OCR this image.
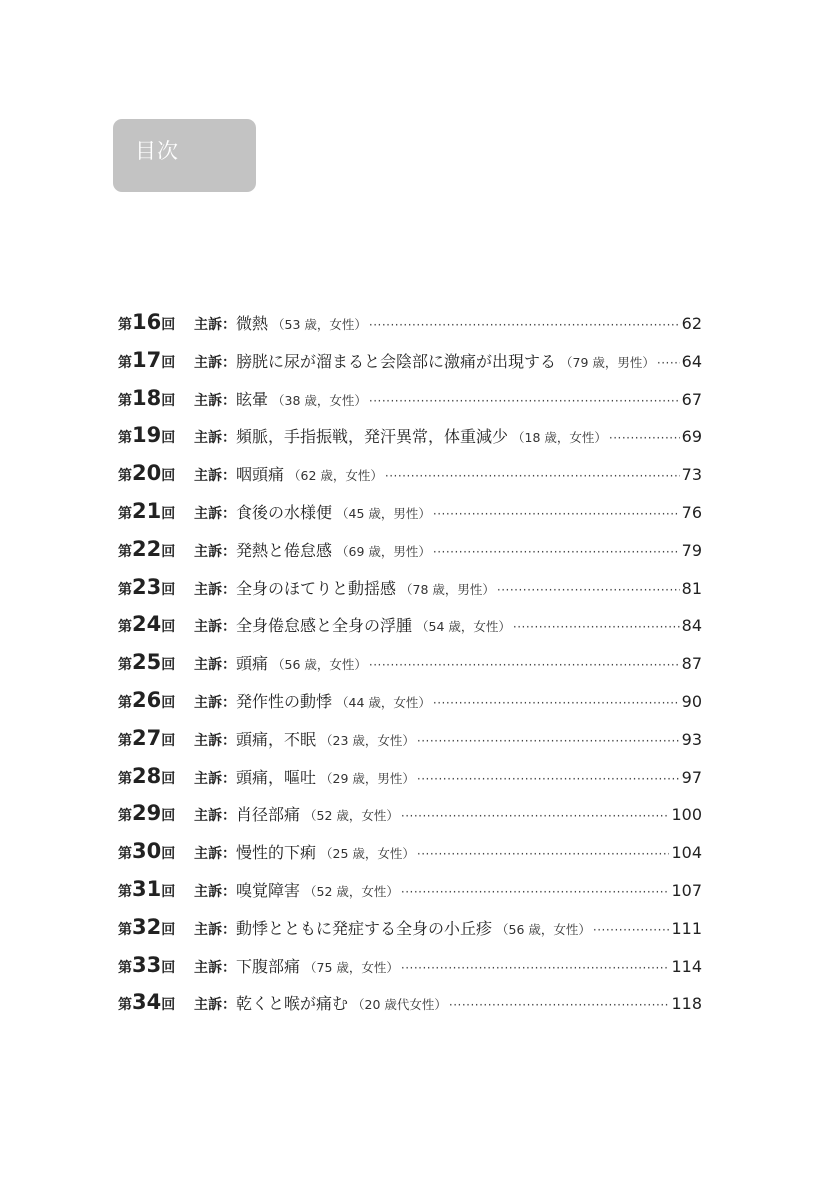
目次
第16回	主訴： 微熱 （53 歳，女性） ·····	62
第17回	主訴： 膀胱に尿が溜まると会陰部に激痛が出現する （79 歳，男性） ····· 64
第18回	主訴： 眩暈 （38 歳，女性） ·····	67
第19回	主訴： 頻脈，手指振戦，発汗異常，体重減少 （18 歳，女性） ·····	69
第20回	主訴： 咽頭痛 （62 歳，女性） ·····	73
第21回	主訴： 食後の水様便 （45 歳，男性） ·····	76
第22回	主訴： 発熱と倦怠感 （69 歳，男性） ·····	79
第23回	主訴： 全身のほてりと動揺感 （78 歳，男性） ·····	81
第24回	主訴： 全身倦怠感と全身の浮腫 （54 歳，女性） ·····	84
第25回	主訴： 頭痛 （56 歳，女性） ·····	87
第26回	主訴： 発作性の動悸 （44 歳，女性） ·····	90
第27回	主訴： 頭痛，不眠 （23 歳，女性） ·····	93
第28回	主訴： 頭痛，嘔吐 （29 歳，男性） ·····	97
第29回	主訴： 肖径部痛 （52 歳，女性） ·····	100
第30回	主訴： 慢性的下痢 （25 歳，女性） ·····	104
第31回	主訴： 嗅覚障害 （52 歳，女性） ·····	107
第32回	主訴： 動悸とともに発症する全身の小丘疹 （56 歳，女性） ·····	111
第33回	主訴： 下腹部痛 （75 歳，女性） ·····	114
第34回	主訴： 乾くと喉が痛む （20 歳代女性） ·····	118
